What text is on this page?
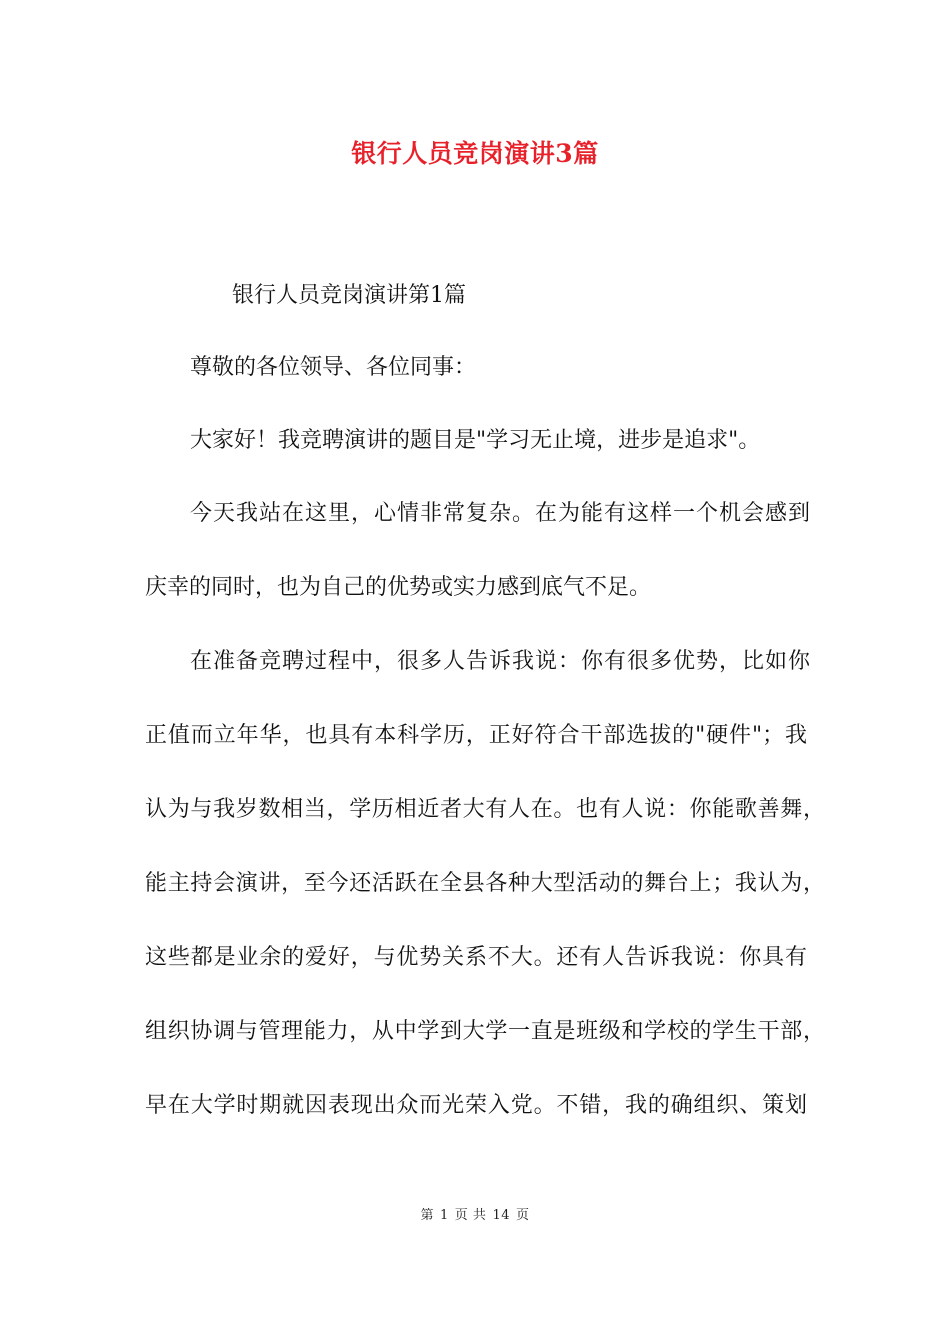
银行人员竞岗演讲3篇
银行人员竞岗演讲第1篇
尊敬的各位领导、各位同事：
大家好！我竞聘演讲的题目是"学习无止境，进步是追求"。
今天我站在这里，心情非常复杂。在为能有这样一个机会感到
庆幸的同时，也为自己的优势或实力感到底气不足。
在准备竞聘过程中，很多人告诉我说：你有很多优势，比如你
正值而立年华，也具有本科学历，正好符合干部选拔的"硬件"；我
认为与我岁数相当，学历相近者大有人在。也有人说：你能歌善舞，
能主持会演讲，至今还活跃在全县各种大型活动的舞台上；我认为，
这些都是业余的爱好，与优势关系不大。还有人告诉我说：你具有
组织协调与管理能力，从中学到大学一直是班级和学校的学生干部，
早在大学时期就因表现出众而光荣入党。不错，我的确组织、策划
第 1 页 共 14 页
